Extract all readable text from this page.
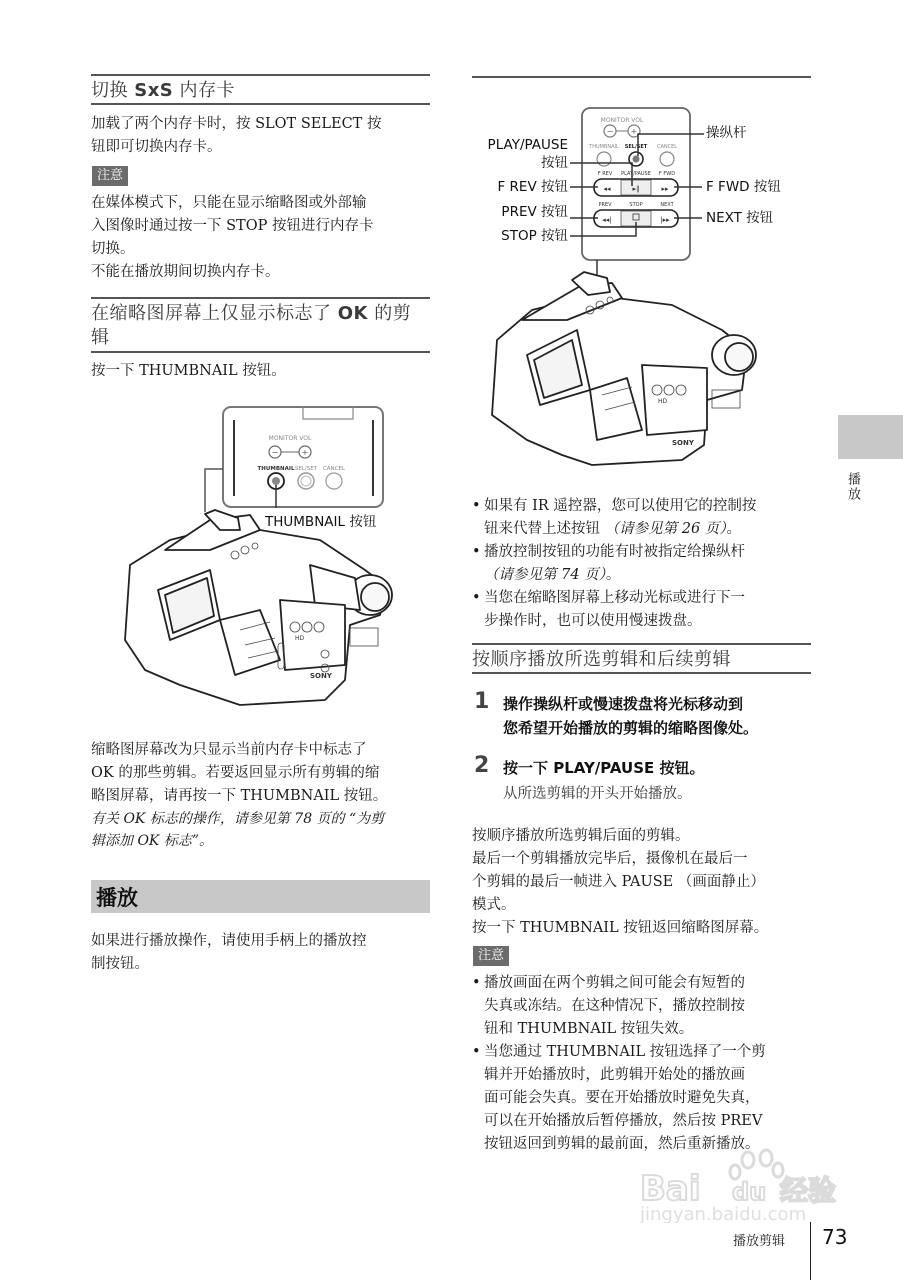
切换 SxS 内存卡
加载了两个内存卡时，按 SLOT SELECT 按
钮即可切换内存卡。
注意
在媒体模式下，只能在显示缩略图或外部输
入图像时通过按一下 STOP 按钮进行内存卡
切换。
不能在播放期间切换内存卡。
在缩略图屏幕上仅显示标志了 OK 的剪
辑
按一下 THUMBNAIL 按钮。
MONITOR VOL
−	+
THUMBNAIL SEL/SET CANCEL
THUMBNAIL 按钮
SONY
HD
缩略图屏幕改为只显示当前内存卡中标志了
OK 的那些剪辑。若要返回显示所有剪辑的缩
略图屏幕，请再按一下 THUMBNAIL 按钮。
有关 OK 标志的操作，请参见第 78 页的 “为剪
辑添加 OK 标志”。
播放
如果进行播放操作，请使用手柄上的播放控
制按钮。
MONITOR VOL
− +
THUMBNAIL SEL/SET CANCEL
F REV PLAY/PAUSE F FWD
◂◂	▸∥	▸▸
PREV	STOP	NEXT
◂◂|	|▸▸
操纵杆
PLAY/PAUSE
按钮
F REV 按钮	F FWD 按钮
PREV 按钮	NEXT 按钮
STOP 按钮
SONY
HD
• 如果有 IR 遥控器，您可以使用它的控制按
钮来代替上述按钮 （请参见第 26 页）。
• 播放控制按钮的功能有时被指定给操纵杆
（请参见第 74 页）。
• 当您在缩略图屏幕上移动光标或进行下一
步操作时，也可以使用慢速拨盘。
按顺序播放所选剪辑和后续剪辑
1 操作操纵杆或慢速拨盘将光标移动到
您希望开始播放的剪辑的缩略图像处。
2 按一下 PLAY/PAUSE 按钮。
从所选剪辑的开头开始播放。
按顺序播放所选剪辑后面的剪辑。
最后一个剪辑播放完毕后，摄像机在最后一
个剪辑的最后一帧进入 PAUSE （画面静止）
模式。
按一下 THUMBNAIL 按钮返回缩略图屏幕。
注意
• 播放画面在两个剪辑之间可能会有短暂的
失真或冻结。在这种情况下，播放控制按
钮和 THUMBNAIL 按钮失效。
• 当您通过 THUMBNAIL 按钮选择了一个剪
辑并开始播放时，此剪辑开始处的播放画
面可能会失真。要在开始播放时避免失真，
可以在开始播放后暂停播放，然后按 PREV
按钮返回到剪辑的最前面，然后重新播放。
播放
Bai du 经验
jingyan.baidu.com
播放剪辑 73
